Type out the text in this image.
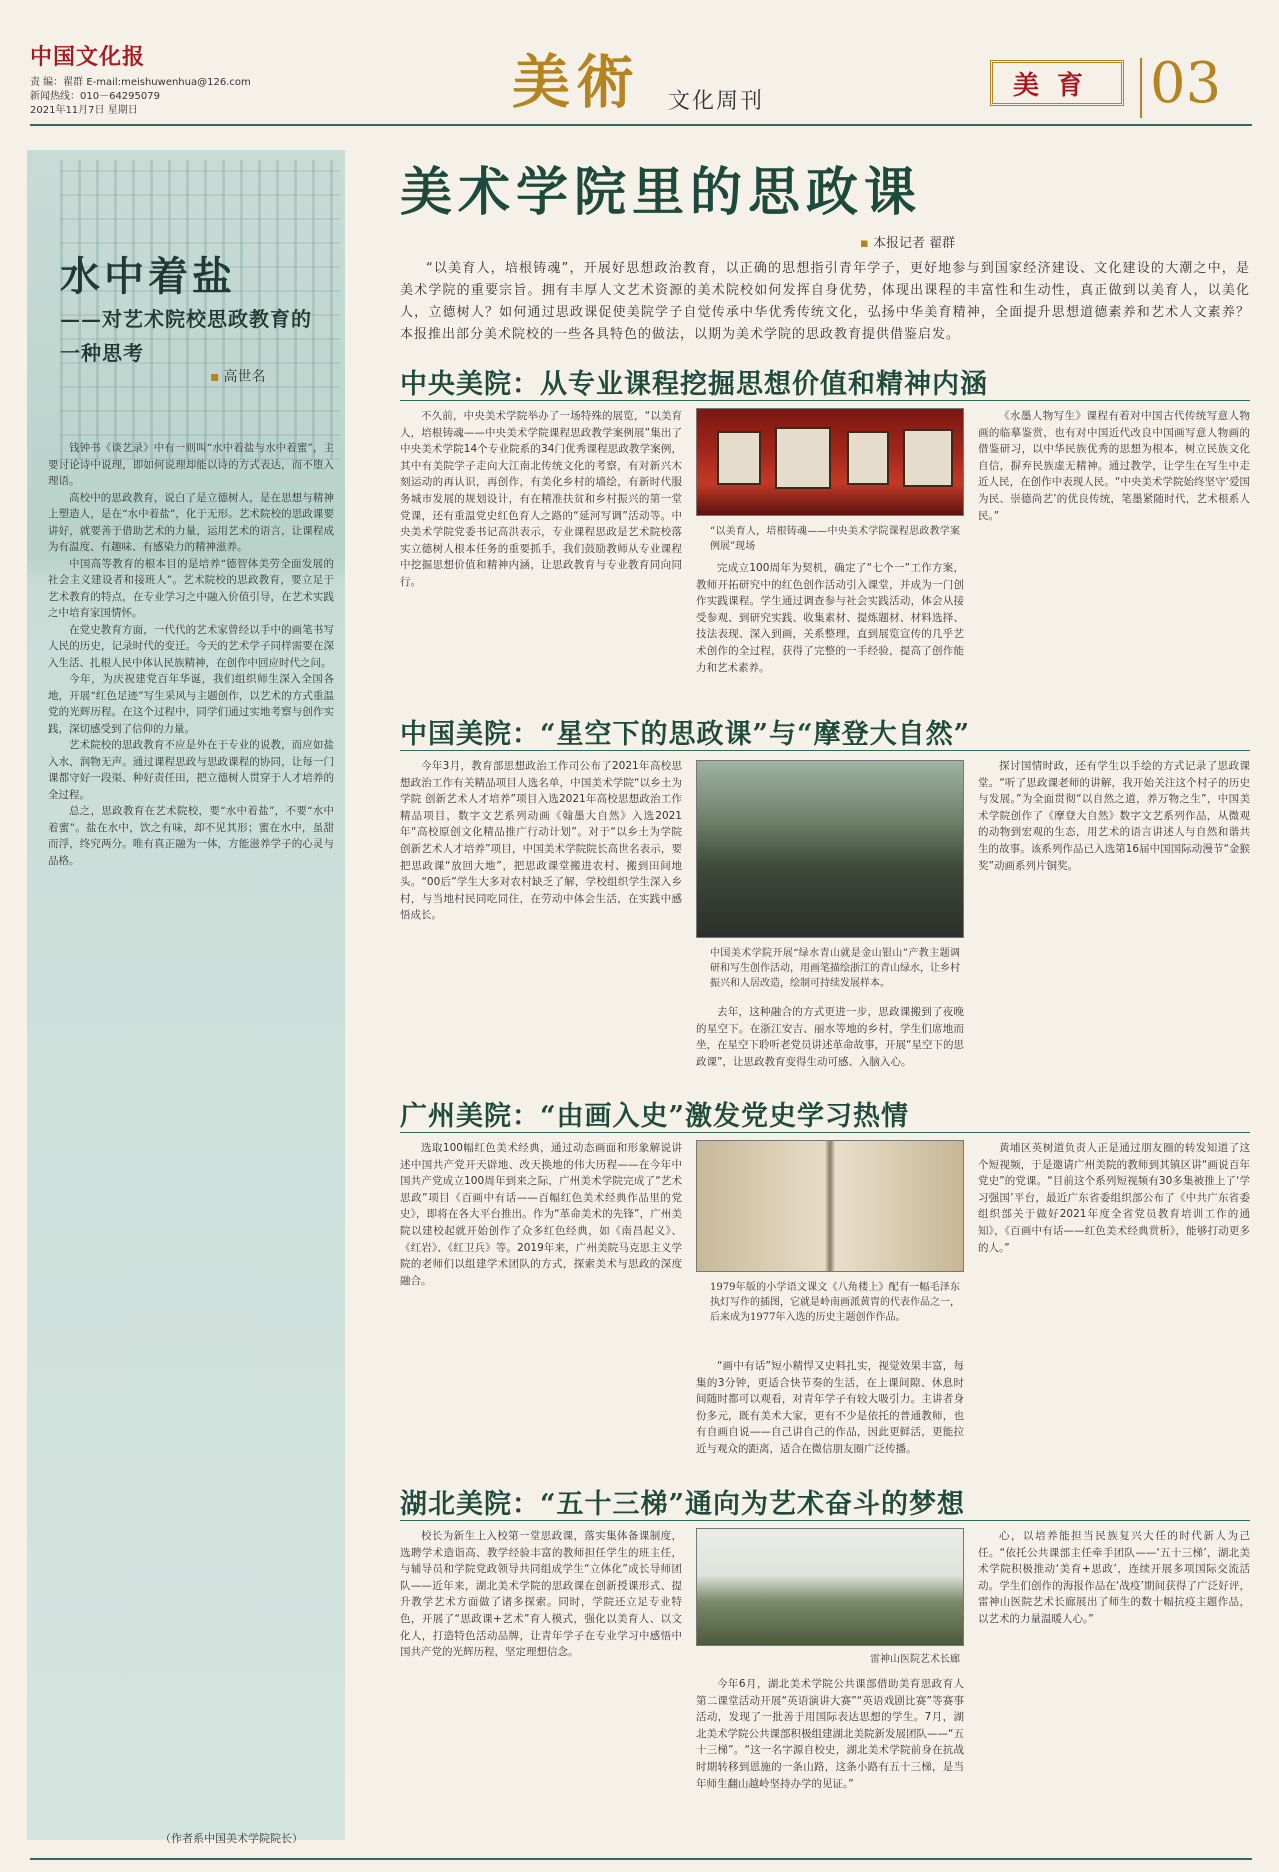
中国文化报
责 编：翟群 E-mail:meishuwenhua@126.com
新闻热线：010－64295079
2021年11月7日 星期日	美術 文化周刊
美育 03
水中着盐
——对艺术院校思政教育的一种思考
▪ 高世名

钱钟书《谈艺录》中有一则叫“水中着盐与水中着蜜”，主要讨论诗中说理，即如何说理却能以诗的方式表达，而不堕入理语。

高校中的思政教育，说白了是立德树人，是在思想与精神上塑造人，是在“水中着盐”，化于无形。艺术院校的思政课要讲好，就要善于借助艺术的力量，运用艺术的语言，让课程成为有温度、有趣味、有感染力的精神滋养。

中国高等教育的根本目的是培养“德智体美劳全面发展的社会主义建设者和接班人”。艺术院校的思政教育，要立足于艺术教育的特点，在专业学习之中融入价值引导，在艺术实践之中培育家国情怀。

在党史教育方面，一代代的艺术家曾经以手中的画笔书写人民的历史，记录时代的变迁。今天的艺术学子同样需要在深入生活、扎根人民中体认民族精神，在创作中回应时代之问。

今年，为庆祝建党百年华诞，我们组织师生深入全国各地，开展“红色足迹”写生采风与主题创作，以艺术的方式重温党的光辉历程。在这个过程中，同学们通过实地考察与创作实践，深切感受到了信仰的力量。

艺术院校的思政教育不应是外在于专业的说教，而应如盐入水，润物无声。通过课程思政与思政课程的协同，让每一门课都守好一段渠、种好责任田，把立德树人贯穿于人才培养的全过程。

总之，思政教育在艺术院校，要“水中着盐”，不要“水中着蜜”。盐在水中，饮之有味，却不见其形；蜜在水中，虽甜而浮，终究两分。唯有真正融为一体，方能滋养学子的心灵与品格。

（作者系中国美术学院院长）
美术学院里的思政课
▪ 本报记者 翟群
“以美育人，培根铸魂”，开展好思想政治教育，以正确的思想指引青年学子，更好地参与到国家经济建设、文化建设的大潮之中，是美术学院的重要宗旨。拥有丰厚人文艺术资源的美术院校如何发挥自身优势，体现出课程的丰富性和生动性，真正做到以美育人，以美化人，立德树人？如何通过思政课促使美院学子自觉传承中华优秀传统文化，弘扬中华美育精神，全面提升思想道德素养和艺术人文素养？本报推出部分美术院校的一些各具特色的做法，以期为美术学院的思政教育提供借鉴启发。
中央美院：从专业课程挖掘思想价值和精神内涵

不久前，中央美术学院举办了一场特殊的展览，“以美育人，培根铸魂——中央美术学院课程思政教学案例展”集出了中央美术学院14个专业院系的34门优秀课程思政教学案例，其中有美院学子走向大江南北传统文化的考察，有对新兴木刻运动的再认识，再创作，有美化乡村的墙绘，有新时代服务城市发展的规划设计，有在精准扶贫和乡村振兴的第一堂党课，还有重温党史红色育人之路的“延河写调”活动等。中央美术学院党委书记高洪表示，专业课程思政是艺术院校落实立德树人根本任务的重要抓手，我们鼓励教师从专业课程中挖掘思想价值和精神内涵，让思政教育与专业教育同向同行。

“以美育人，培根铸魂——中央美术学院课程思政教学案例展”现场

完成立100周年为契机，确定了“七个一”工作方案，教师开拓研究中的红色创作活动引入课堂，并成为一门创作实践课程。学生通过调查参与社会实践活动，体会从接受参观、到研究实践、收集素材、提炼题材、材料选择、技法表现、深入到画，关系整理，直到展览宣传的几乎艺术创作的全过程，获得了完整的一手经验，提高了创作能力和艺术素养。

《水墨人物写生》课程有着对中国古代传统写意人物画的临摹鉴赏，也有对中国近代改良中国画写意人物画的借鉴研习，以中华民族优秀的思想为根本，树立民族文化自信，摒弃民族虚无精神。通过教学，让学生在写生中走近人民，在创作中表现人民。“中央美术学院始终坚守‘爱国为民、崇德尚艺’的优良传统，笔墨紧随时代，艺术根系人民。”

中国美院：“星空下的思政课”与“摩登大自然”

今年3月，教育部思想政治工作司公布了2021年高校思想政治工作有关精品项目人选名单，中国美术学院“以乡土为学院 创新艺术人才培养”项目入选2021年高校思想政治工作精品项目，数字文艺系列动画《翰墨大自然》入选2021年“高校原创文化精品推广行动计划”。对于“以乡土为学院 创新艺术人才培养”项目，中国美术学院院长高世名表示，要把思政课“放回大地”，把思政课堂搬进农村、搬到田间地头。“00后”学生大多对农村缺乏了解，学校组织学生深入乡村，与当地村民同吃同住，在劳动中体会生活，在实践中感悟成长。

中国美术学院开展“绿水青山就是金山银山”产教主题调研和写生创作活动，用画笔描绘浙江的青山绿水，让乡村振兴和人居改造，绘制可持续发展样本。

去年，这种融合的方式更进一步，思政课搬到了夜晚的星空下。在浙江安吉、丽水等地的乡村，学生们席地而坐，在星空下聆听老党员讲述革命故事，开展“星空下的思政课”，让思政教育变得生动可感、入脑入心。

探讨国情时政，还有学生以手绘的方式记录了思政课堂。“听了思政课老师的讲解，我开始关注这个村子的历史与发展。”为全面贯彻“以自然之道，养万物之生”，中国美术学院创作了《摩登大自然》数字文艺系列作品，从微观的动物到宏观的生态，用艺术的语言讲述人与自然和谐共生的故事。该系列作品已入选第16届中国国际动漫节“金猴奖”动画系列片铜奖。

广州美院：“由画入史”激发党史学习热情

选取100幅红色美术经典，通过动态画面和形象解说讲述中国共产党开天辟地、改天换地的伟大历程——在今年中国共产党成立100周年到来之际，广州美术学院完成了“艺术思政”项目《百画中有话——百幅红色美术经典作品里的党史》，即将在各大平台推出。作为“革命美术的先锋”，广州美院以建校起就开始创作了众多红色经典，如《南昌起义》、《红岩》、《红卫兵》等。2019年来，广州美院马克思主义学院的老师们以组建学术团队的方式，探索美术与思政的深度融合。

1979年版的小学语文课文《八角楼上》配有一幅毛泽东执灯写作的插图，它就是岭南画派黄胄的代表作品之一，后来成为1977年入选的历史主题创作作品。

“画中有话”短小精悍又史料扎实，视觉效果丰富，每集的3分钟，更适合快节奏的生活，在上课间隙、休息时间随时都可以观看，对青年学子有较大吸引力。主讲者身份多元，既有美术大家，更有不少是依托的普通教师，也有自画自说——自己讲自己的作品，因此更鲜活，更能拉近与观众的距离，适合在微信朋友圈广泛传播。

黄埔区英树道负责人正是通过朋友圈的转发知道了这个短视频，于是邀请广州美院的教师到其镇区讲“画说百年党史”的党课。“目前这个系列短视频有30多集被推上了‘学习强国’平台，最近广东省委组织部公布了《中共广东省委组织部关于做好2021年度全省党员教育培训工作的通知》，《百画中有话——红色美术经典赏析》，能够打动更多的人。”

湖北美院：“五十三梯”通向为艺术奋斗的梦想

校长为新生上入校第一堂思政课，落实集体备课制度，选聘学术造诣高、教学经验丰富的教师担任学生的班主任，与辅导员和学院党政领导共同组成学生“立体化”成长导师团队——近年来，湖北美术学院的思政课在创新授课形式、提升教学艺术方面做了诸多探索。同时，学院还立足专业特色，开展了“思政课+艺术”育人模式，强化以美育人、以文化人，打造特色活动品牌，让青年学子在专业学习中感悟中国共产党的光辉历程，坚定理想信念。

雷神山医院艺术长廊

今年6月，湖北美术学院公共课部借助美育思政育人第二课堂活动开展“英语演讲大赛”“英语戏剧比赛”等赛事活动，发现了一批善于用国际表达思想的学生。7月，湖北美术学院公共课部积极组建湖北美院新发展团队——“五十三梯”。“这一名字源自校史，湖北美术学院前身在抗战时期转移到恩施的一条山路，这条小路有五十三梯，是当年师生翻山越岭坚持办学的见证。”

心，以培养能担当民族复兴大任的时代新人为己任。“依托公共课部主任牵手团队——‘五十三梯’，湖北美术学院积极推动‘美育+思政’，连续开展多项国际交流活动。学生们创作的海报作品在‘战疫’期间获得了广泛好评，雷神山医院艺术长廊展出了师生的数十幅抗疫主题作品，以艺术的力量温暖人心。”
